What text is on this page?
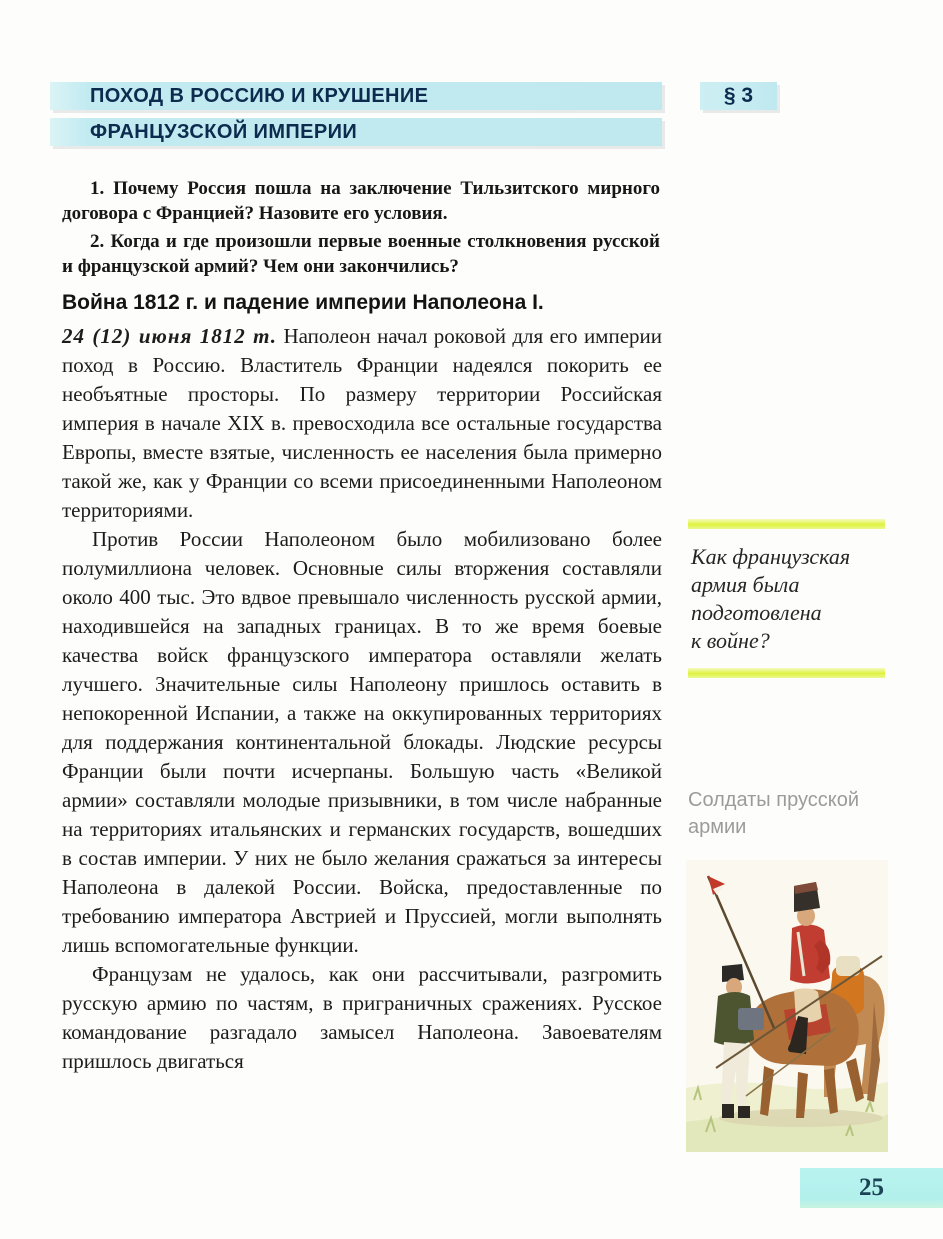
ПОХОД В РОССИЮ И КРУШЕНИЕ
ФРАНЦУЗСКОЙ ИМПЕРИИ
§ 3

1. Почему Россия пошла на заключение Тильзитского мирного договора с Францией? Назовите его условия.

2. Когда и где произошли первые военные столкновения русской и французской армий? Чем они закончились?

Война 1812 г. и падение империи Наполеона I.

24 (12) июня 1812 т. Наполеон начал роковой для его империи поход в Россию. Властитель Франции надеялся покорить ее необъятные просторы. По размеру территории Российская империя в начале XIX в. превосходила все остальные государства Европы, вместе взятые, численность ее населения была примерно такой же, как у Франции со всеми присоединенными Наполеоном территориями.

Против России Наполеоном было мобилизовано более полумиллиона человек. Основные силы вторжения составляли около 400 тыс. Это вдвое превышало численность русской армии, находившейся на западных границах. В то же время боевые качества войск французского императора оставляли желать лучшего. Значительные силы Наполеону пришлось оставить в непокоренной Испании, а также на оккупированных территориях для поддержания континентальной блокады. Людские ресурсы Франции были почти исчерпаны. Большую часть «Великой армии» составляли молодые призывники, в том числе набранные на территориях итальянских и германских государств, вошедших в состав империи. У них не было желания сражаться за интересы Наполеона в далекой России. Войска, предоставленные по требованию императора Австрией и Пруссией, могли выполнять лишь вспомогательные функции.

Французам не удалось, как они рассчитывали, разгромить русскую армию по частям, в приграничных сражениях. Русское командование разгадало замысел Наполеона. Завоевателям пришлось двигаться

Как французская
армия была
подготовлена
к войне?
Солдаты прусской
армии
25
